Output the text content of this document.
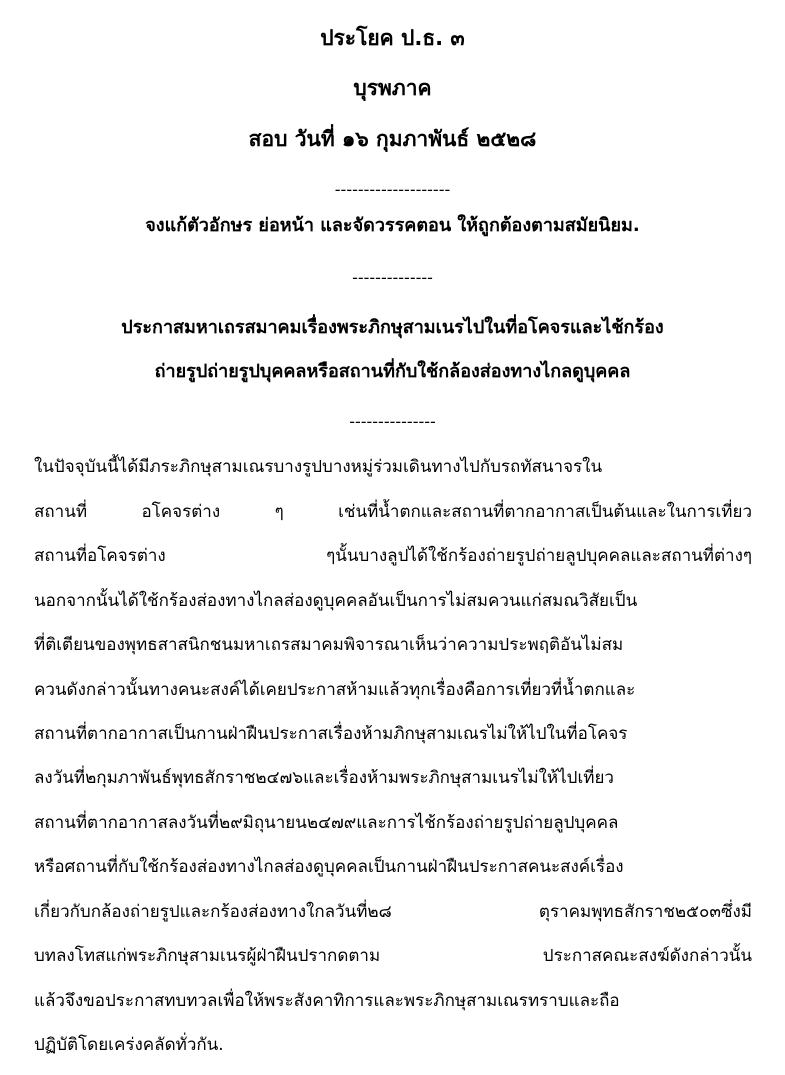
ประโยค ป.ธ. ๓
บุรพภาค
สอบ วันที่ ๑๖ กุมภาพันธ์ ๒๕๒๘
--------------------
จงแก้ตัวอักษร ย่อหน้า และจัดวรรคตอน ให้ถูกต้องตามสมัยนิยม.
--------------
ประกาสมหาเถรสมาคมเรื่องพระภิกษุสามเนรไปในที่อโคจรและไช้กร้อง
ถ่ายรูปถ่ายรูปบุคคลหรือสถานที่กับใช้กล้องส่องทางไกลดูบุคคล
---------------
ในปัจจุบันนี้ได้มีภระภิกษุสามเณรบางรูปบางหมู่ร่วมเดินทางไปกับรถทัสนาจรใน
สถานที่ อโคจรต่าง ๆ เช่นที่น้ำตกและสถานที่ตากอากาสเป็นต้นและในการเที่ยว
สถานที่อโคจรต่าง ๆนั้นบางลูปได้ใช้กร้องถ่ายรูปถ่ายลูปบุคคลและสถานที่ต่างๆ
นอกจากนั้นได้ใช้กร้องส่องทางไกลส่องดูบุคคลอันเป็นการไม่สมควนแก่สมณวิสัยเป็น
ที่ติเตียนของพุทธสาสนิกชนมหาเถรสมาคมพิจารณาเห็นว่าความประพฤติอันไม่สม
ควนดังกล่าวนั้นทางคนะสงค์ได้เคยประกาสห้ามแล้วทุกเรื่องคือการเที่ยวที่น้ำตกและ
สถานที่ตากอากาสเป็นกานฝ่าฝืนประกาสเรื่องห้ามภิกษุสามเณรไม่ให้ไปในที่อโคจร
ลงวันที่๒กุมภาพันธ์พุทธสักราช๒๔๗๖และเรื่องห้ามพระภิกษุสามเนรไม่ให้ไปเที่ยว
สถานที่ตากอากาสลงวันที่๒๙มิถุนายน๒๔๗๙และการไช้กร้องถ่ายรูปถ่ายลูปบุคคล
หรือศถานที่กับใช้กร้องส่องทางไกลส่องดูบุคคลเป็นกานฝ่าฝืนประกาสคนะสงค์เรื่อง
เกี่ยวกับกล้องถ่ายรูปและกร้องส่องทางใกลวันที่๒๘ ตุราคมพุทธสักราช๒๕๐๓ซึ่งมี
บทลงโทสแก่พระภิกษุสามเนรผู้ฝ่าฝืนปรากดตาม ประกาสคณะสงฆ์ดังกล่าวนั้น
แล้วจึงขอประกาสทบทวลเพื่อให้พระสังคาทิการและพระภิกษุสามเณรทราบและถือ
ปฏิบัติโดยเคร่งคลัดทั่วกัน.
